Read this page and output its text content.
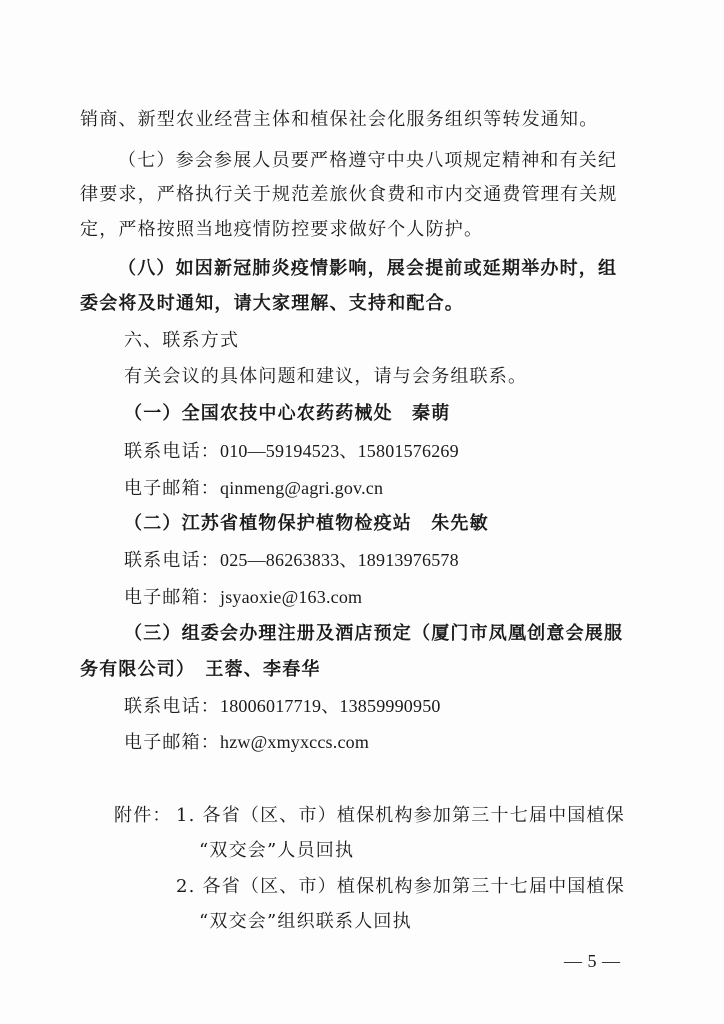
销商、新型农业经营主体和植保社会化服务组织等转发通知。
（七）参会参展人员要严格遵守中央八项规定精神和有关纪
律要求，严格执行关于规范差旅伙食费和市内交通费管理有关规
定，严格按照当地疫情防控要求做好个人防护。
（八）如因新冠肺炎疫情影响，展会提前或延期举办时，组
委会将及时通知，请大家理解、支持和配合。
六、联系方式
有关会议的具体问题和建议，请与会务组联系。
（一）全国农技中心农药药械处　秦萌
联系电话：010—59194523、15801576269
电子邮箱：qinmeng@agri.gov.cn
（二）江苏省植物保护植物检疫站　朱先敏
联系电话：025—86263833、18913976578
电子邮箱：jsyaoxie@163.com
（三）组委会办理注册及酒店预定（厦门市凤凰创意会展服
务有限公司）　王蓉、李春华
联系电话：18006017719、13859990950
电子邮箱：hzw@xmyxccs.com
附件： 1. 各省（区、市）植保机构参加第三十七届中国植保
“双交会”人员回执
2. 各省（区、市）植保机构参加第三十七届中国植保
“双交会”组织联系人回执
— 5 —
